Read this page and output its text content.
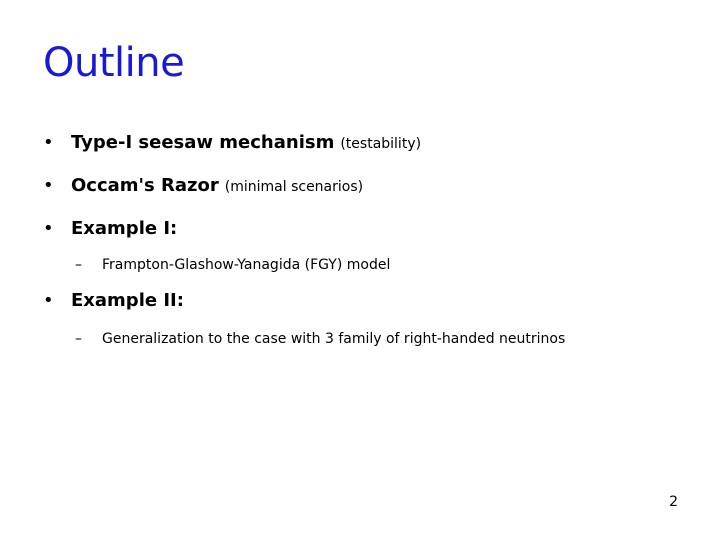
Outline
• Type-I seesaw mechanism (testability)
• Occam's Razor (minimal scenarios)
• Example I:
–	Frampton-Glashow-Yanagida (FGY) model
• Example II:
–	Generalization to the case with 3 family of right-handed neutrinos
2
